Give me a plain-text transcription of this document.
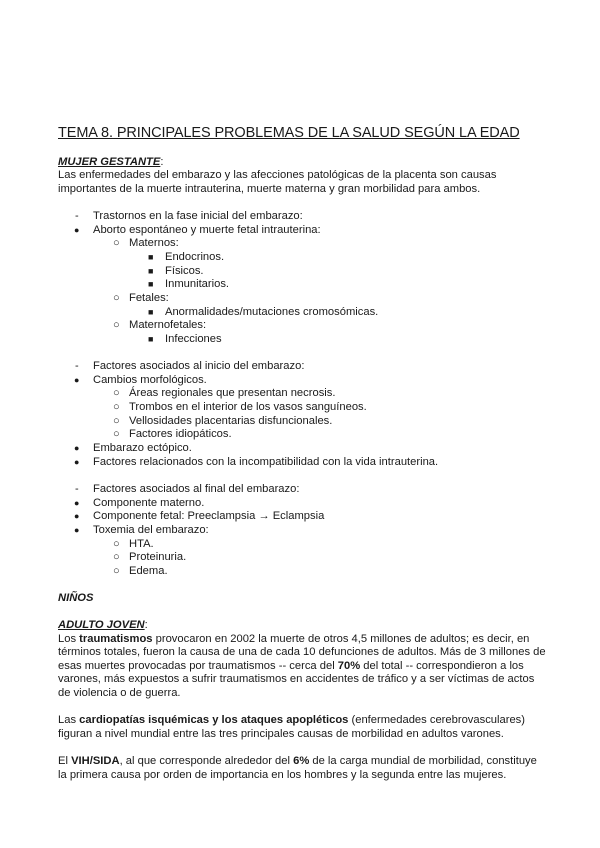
TEMA 8. PRINCIPALES PROBLEMAS DE LA SALUD SEGÚN LA EDAD
MUJER GESTANTE:
Las enfermedades del embarazo y las afecciones patológicas de la placenta son causas
importantes de la muerte intrauterina, muerte materna y gran morbilidad para ambos.
- Trastornos en la fase inicial del embarazo:
● Aborto espontáneo y muerte fetal intrauterina:
○ Maternos:
■ Endocrinos.
■ Físicos.
■ Inmunitarios.
○ Fetales:
■ Anormalidades/mutaciones cromosómicas.
○ Maternofetales:
■ Infecciones
- Factores asociados al inicio del embarazo:
● Cambios morfológicos.
○ Áreas regionales que presentan necrosis.
○ Trombos en el interior de los vasos sanguíneos.
○ Vellosidades placentarias disfuncionales.
○ Factores idiopáticos.
● Embarazo ectópico.
● Factores relacionados con la incompatibilidad con la vida intrauterina.
- Factores asociados al final del embarazo:
● Componente materno.
● Componente fetal: Preeclampsia → Eclampsia
● Toxemia del embarazo:
○ HTA.
○ Proteinuria.
○ Edema.
NIÑOS
ADULTO JOVEN:
Los traumatismos provocaron en 2002 la muerte de otros 4,5 millones de adultos; es decir, en
términos totales, fueron la causa de una de cada 10 defunciones de adultos. Más de 3 millones de
esas muertes provocadas por traumatismos -- cerca del 70% del total -- correspondieron a los
varones, más expuestos a sufrir traumatismos en accidentes de tráfico y a ser víctimas de actos
de violencia o de guerra.
Las cardiopatías isquémicas y los ataques apopléticos (enfermedades cerebrovasculares)
figuran a nivel mundial entre las tres principales causas de morbilidad en adultos varones.
El VIH/SIDA, al que corresponde alrededor del 6% de la carga mundial de morbilidad, constituye
la primera causa por orden de importancia en los hombres y la segunda entre las mujeres.
